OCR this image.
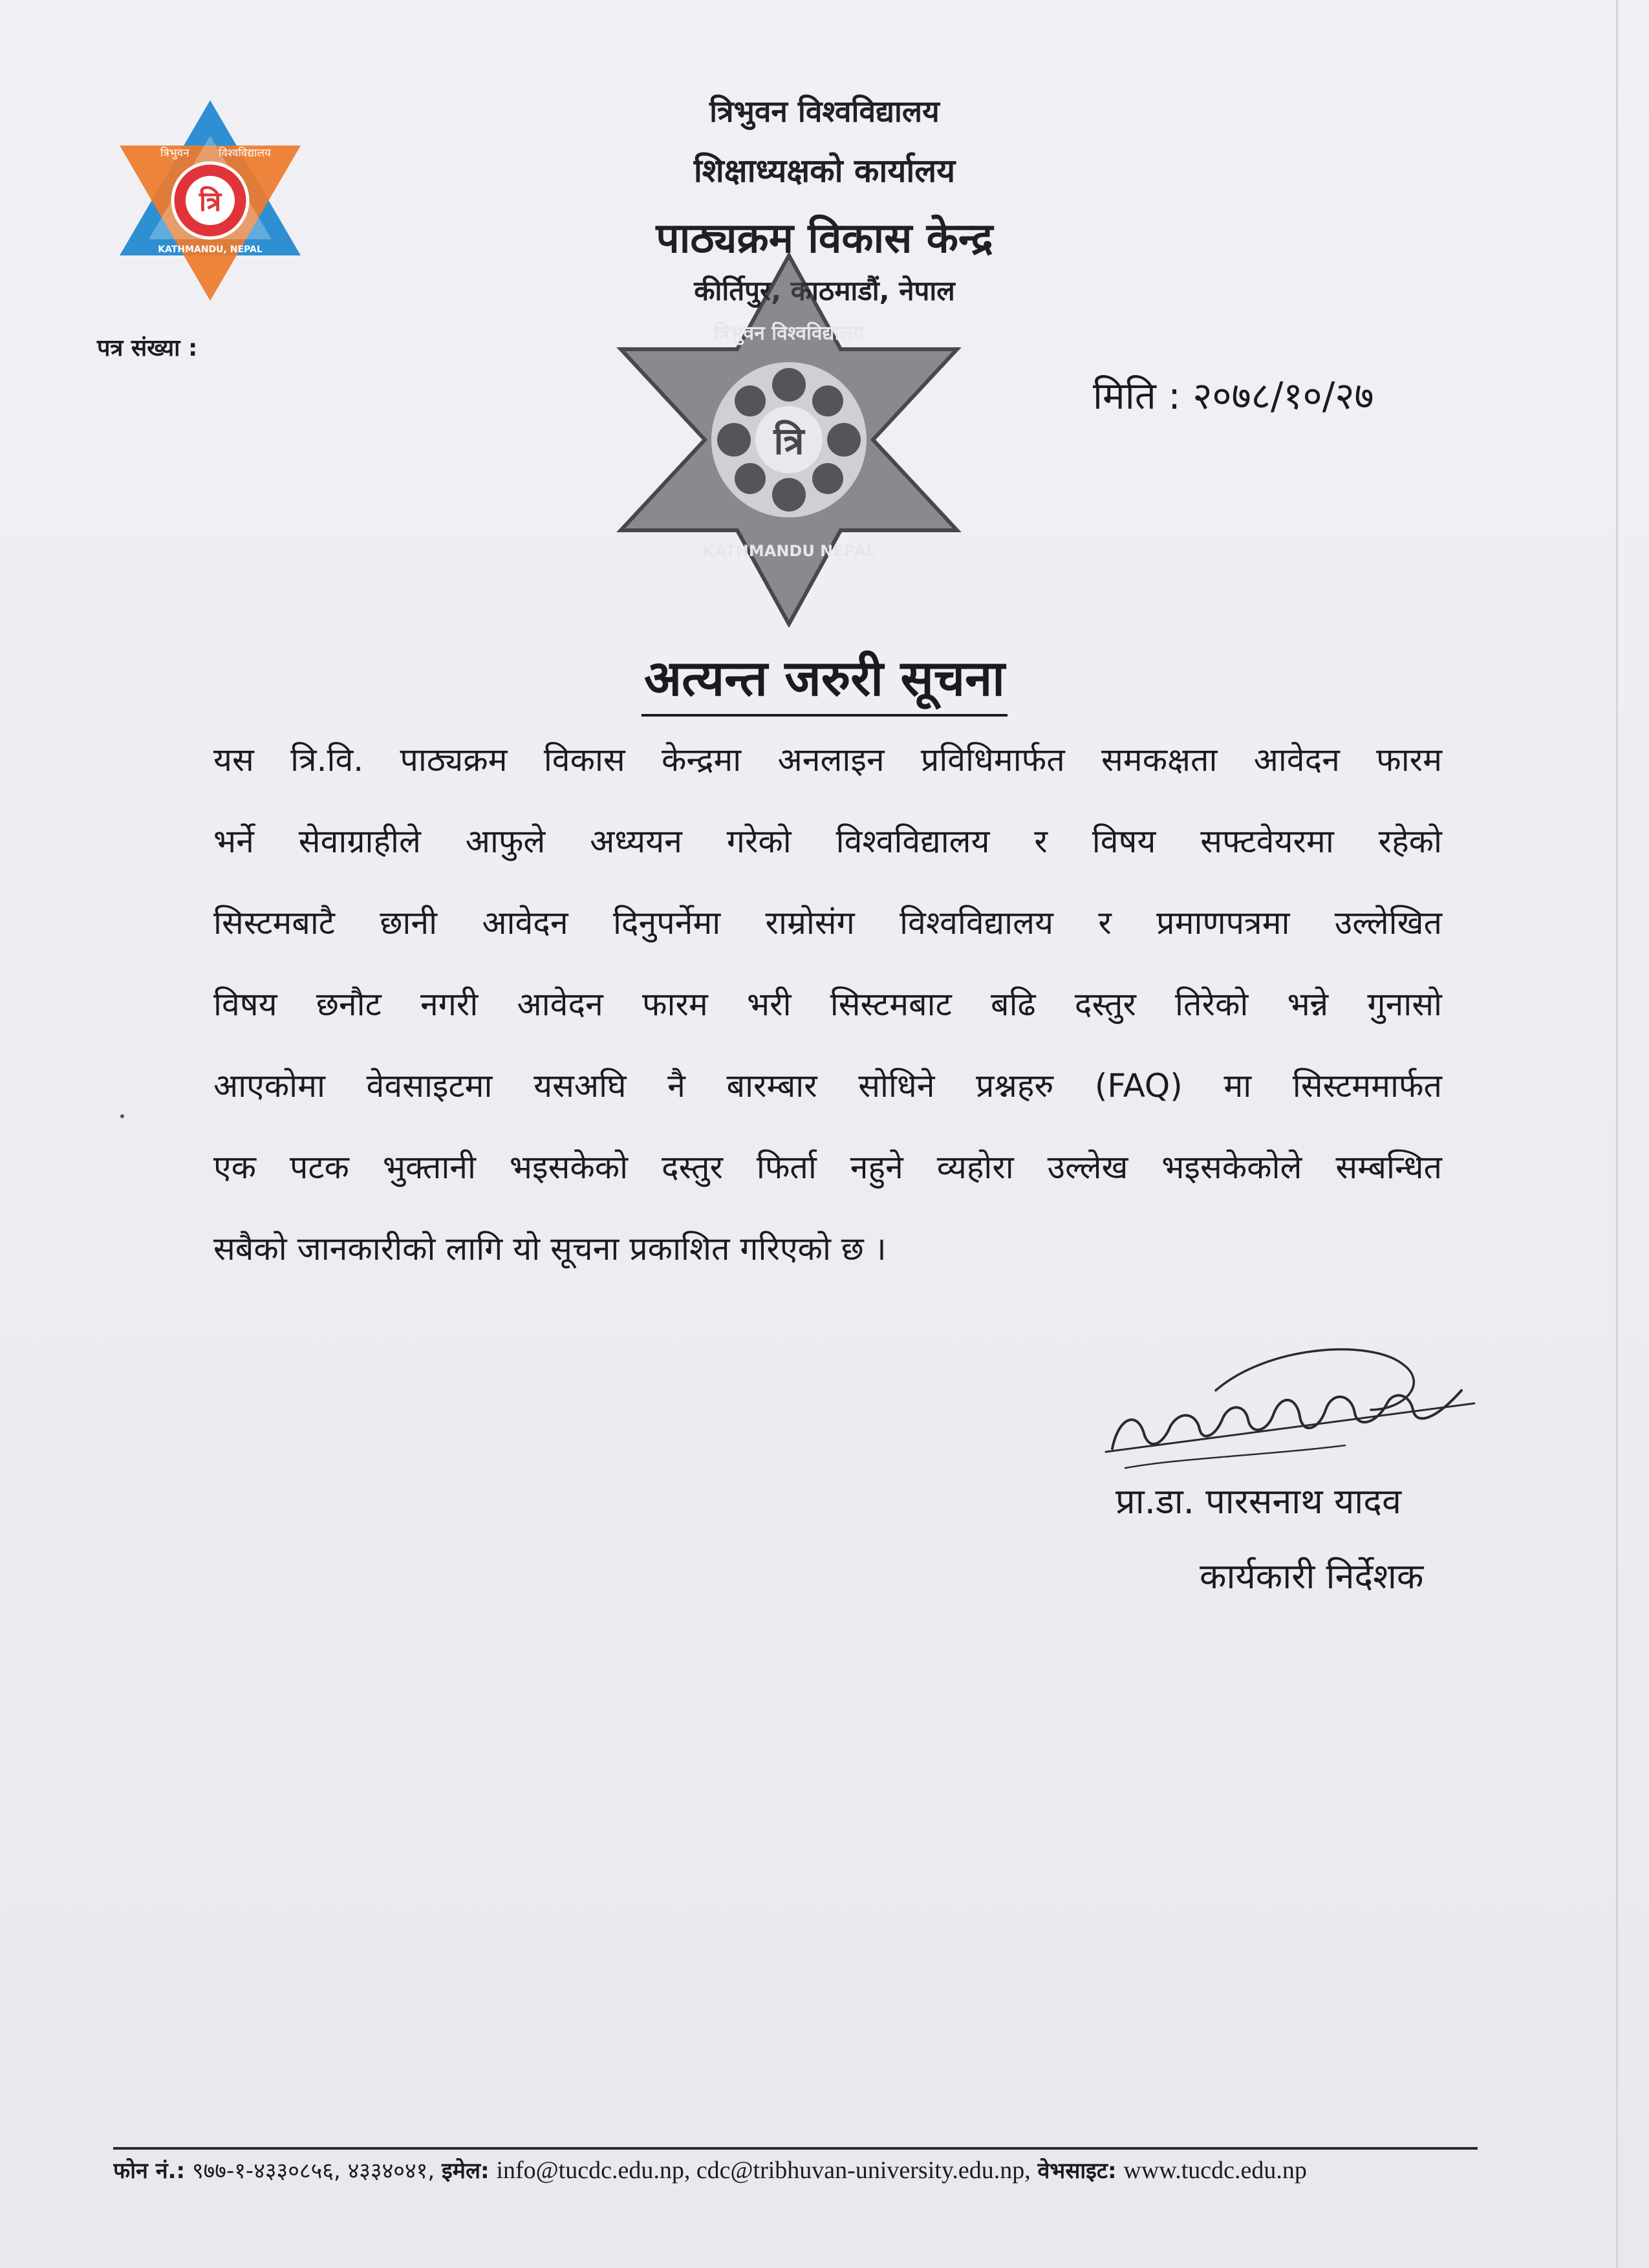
त्रि
त्रिभुवन	विश्वविद्यालय
KATHMANDU, NEPAL
त्रिभुवन विश्वविद्यालय
शिक्षाध्यक्षको कार्यालय
पाठ्यक्रम विकास केन्द्र
कीर्तिपुर, काठमाडौं, नेपाल
त्रि
त्रिभुवन विश्वविद्यालय
KATHMANDU NEPAL
पत्र संख्या :
मिति : २०७८/१०/२७
अत्यन्त जरुरी सूचना
यस त्रि.वि. पाठ्यक्रम विकास केन्द्रमा अनलाइन प्रविधिमार्फत समकक्षता आवेदन फारम
भर्ने सेवाग्राहीले आफुले अध्ययन गरेको विश्वविद्यालय र विषय सफ्टवेयरमा रहेको
सिस्टमबाटै छानी आवेदन दिनुपर्नेमा राम्रोसंग विश्वविद्यालय र प्रमाणपत्रमा उल्लेखित
विषय छनौट नगरी आवेदन फारम भरी सिस्टमबाट बढि दस्तुर तिरेको भन्ने गुनासो
आएकोमा वेवसाइटमा यसअघि नै बारम्बार सोधिने प्रश्नहरु (FAQ) मा सिस्टममार्फत
एक पटक भुक्तानी भइसकेको दस्तुर फिर्ता नहुने व्यहोरा उल्लेख भइसकेकोले सम्बन्धित
सबैको जानकारीको लागि यो सूचना प्रकाशित गरिएको छ ।
प्रा.डा. पारसनाथ यादव
कार्यकारी निर्देशक
फोन नं.: ९७७-१-४३३०८५६, ४३३४०४१, इमेल: info@tucdc.edu.np, cdc@tribhuvan-university.edu.np, वेभसाइट: www.tucdc.edu.np
